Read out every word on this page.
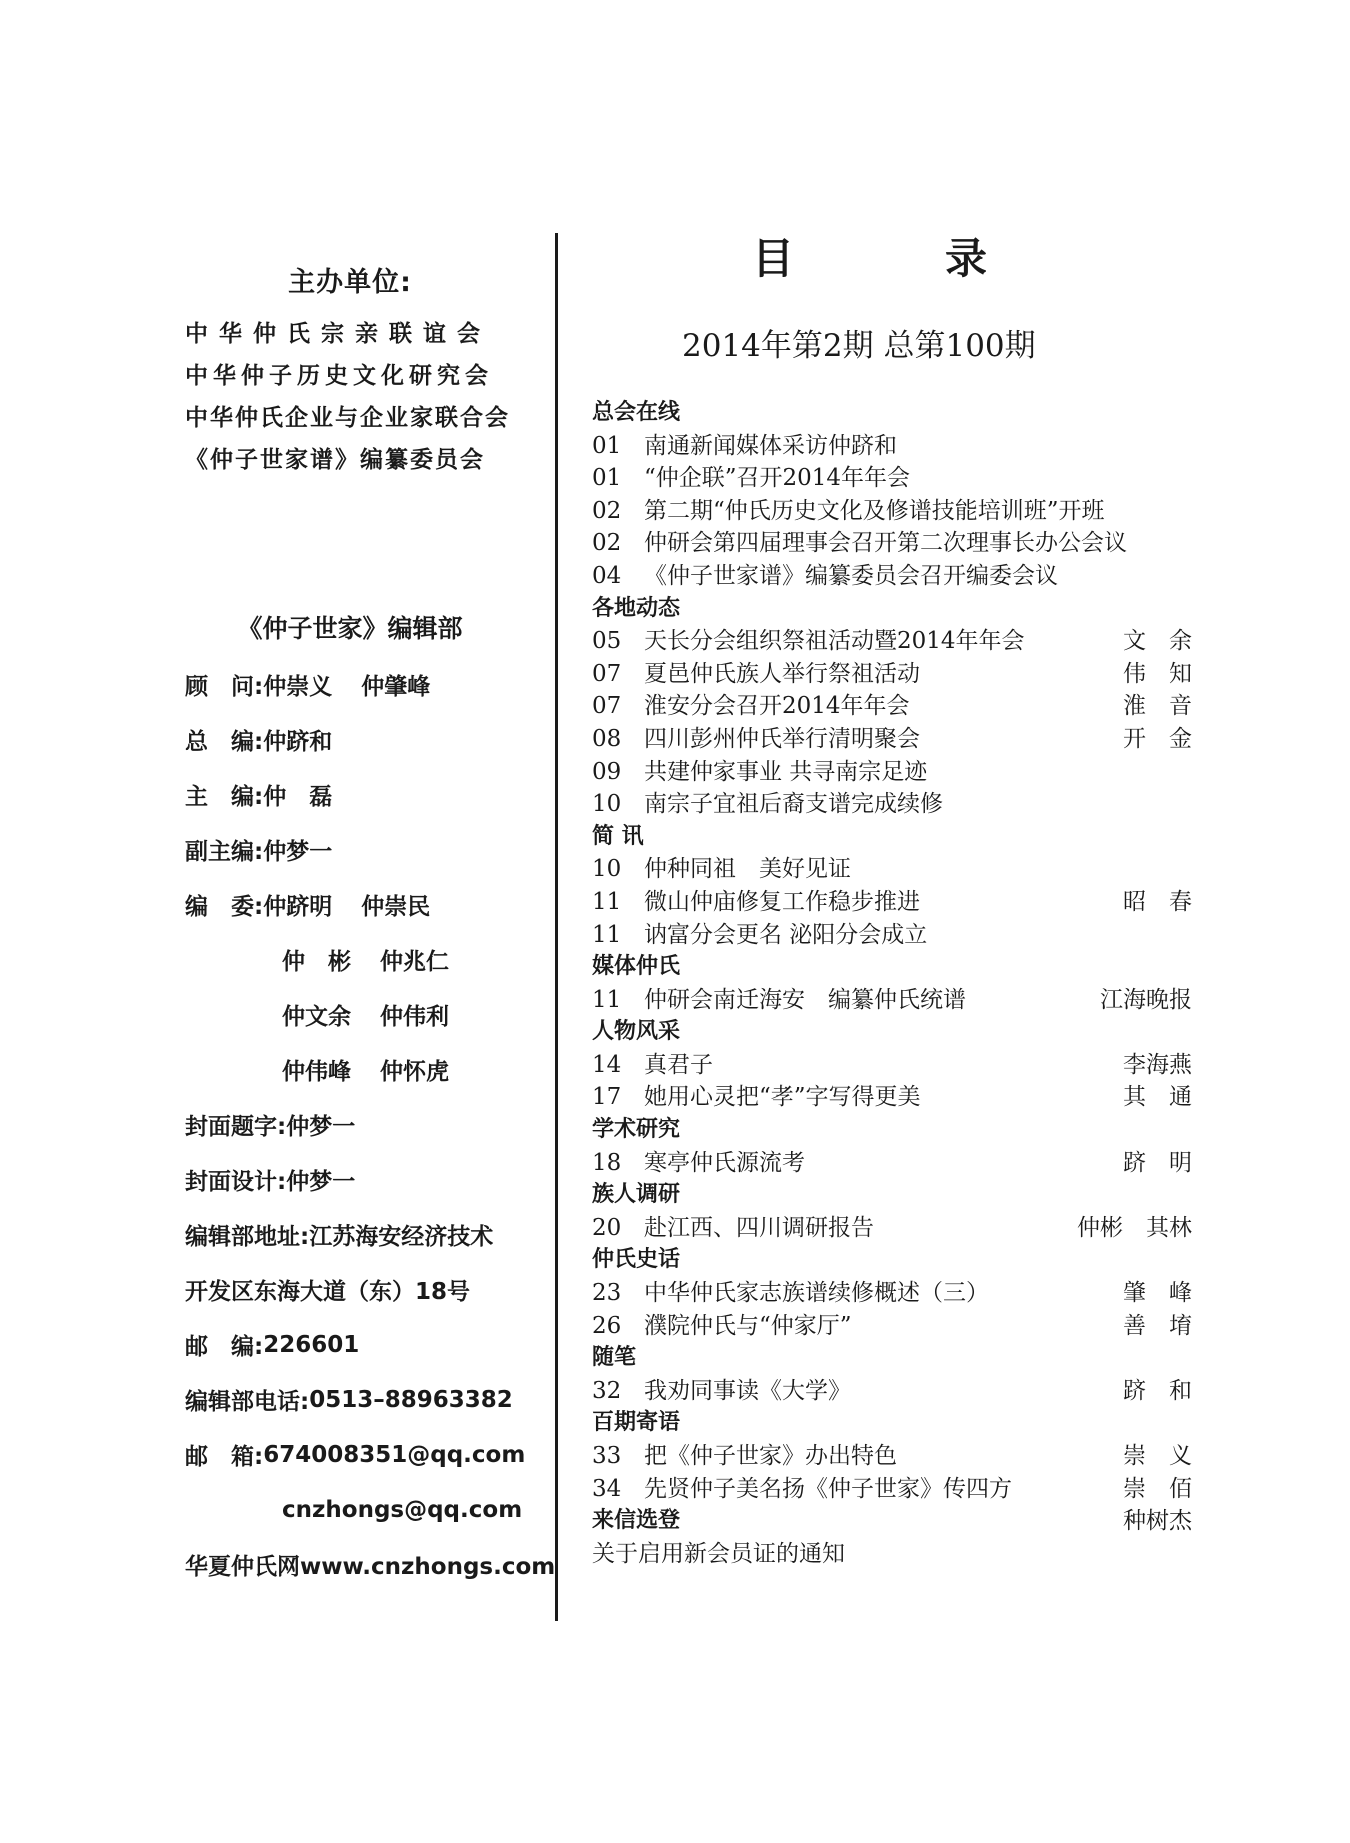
主办单位:
中华仲氏宗亲联谊会
中华仲子历史文化研究会
中华仲氏企业与企业家联合会
《仲子世家谱》编纂委员会
《仲子世家》编辑部
顾　问: 仲崇义	仲肇峰
总　编: 仲跻和
主　编: 仲　磊
副主编: 仲梦一
编　委: 仲跻明	仲崇民
仲　彬	仲兆仁
仲文余	仲伟利
仲伟峰	仲怀虎
封面题字: 仲梦一
封面设计: 仲梦一
编辑部地址: 江苏海安经济技术
开发区东海大道（东）18号
邮　编: 226601
编辑部电话: 0513–88963382
邮　箱: 674008351@qq.com
cnzhongs@qq.com
华夏仲氏网www.cnzhongs.com
目	录
2014年第2期 总第100期
总会在线
01 南通新闻媒体采访仲跻和
01 “仲企联”召开2014年年会
02 第二期“仲氏历史文化及修谱技能培训班”开班
02 仲研会第四届理事会召开第二次理事长办公会议
04 《仲子世家谱》编纂委员会召开编委会议
各地动态
05 天长分会组织祭祖活动暨2014年年会	文　余
07 夏邑仲氏族人举行祭祖活动	伟　知
07 淮安分会召开2014年年会	淮　音
08 四川彭州仲氏举行清明聚会	开　金
09 共建仲家事业 共寻南宗足迹
10 南宗子宜祖后裔支谱完成续修
简 讯
10 仲种同祖　美好见证
11 微山仲庙修复工作稳步推进	昭　春
11 讷富分会更名 泌阳分会成立
媒体仲氏
11 仲研会南迁海安　编纂仲氏统谱	江海晚报
人物风采
14 真君子	李海燕
17 她用心灵把“孝”字写得更美	其　通
学术研究
18 寒亭仲氏源流考	跻　明
族人调研
20 赴江西、四川调研报告	仲彬　其林
仲氏史话
23 中华仲氏家志族谱续修概述（三）	肇　峰
26 濮院仲氏与“仲家厅”	善　堉
随笔
32 我劝同事读《大学》	跻　和
百期寄语
33 把《仲子世家》办出特色	崇　义
34 先贤仲子美名扬《仲子世家》传四方	崇　佰
来信选登	种树杰
关于启用新会员证的通知
